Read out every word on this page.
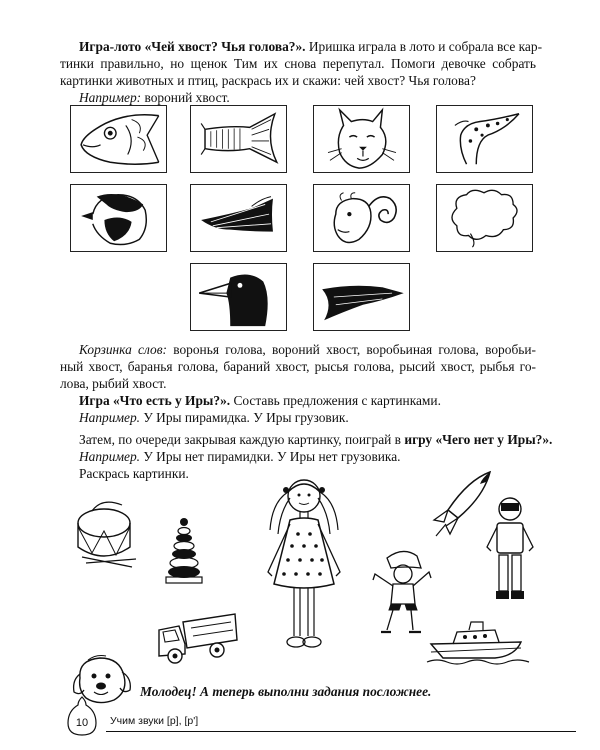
Игра-лото «Чей хвост? Чья голова?». Иришка играла в лото и собрала все кар-
тинки правильно, но щенок Тим их снова перепутал. Помоги девочке собрать
картинки животных и птиц, раскрась их и скажи: чей хвост? Чья голова?
Например: вороний хвост.
Корзинка слов: воронья голова, вороний хвост, воробьиная голова, воробьи-
ный хвост, баранья голова, бараний хвост, рысья голова, рысий хвост, рыбья го-
лова, рыбий хвост.
Игра «Что есть у Иры?». Составь предложения с картинками.
Например. У Иры пирамидка. У Иры грузовик.
Затем, по очереди закрывая каждую картинку, поиграй в игру «Чего нет у Иры?».
Например. У Иры нет пирамидки. У Иры нет грузовика.
Раскрась картинки.
Молодец! А теперь выполни задания посложнее.
10	Учим звуки [р], [р']
